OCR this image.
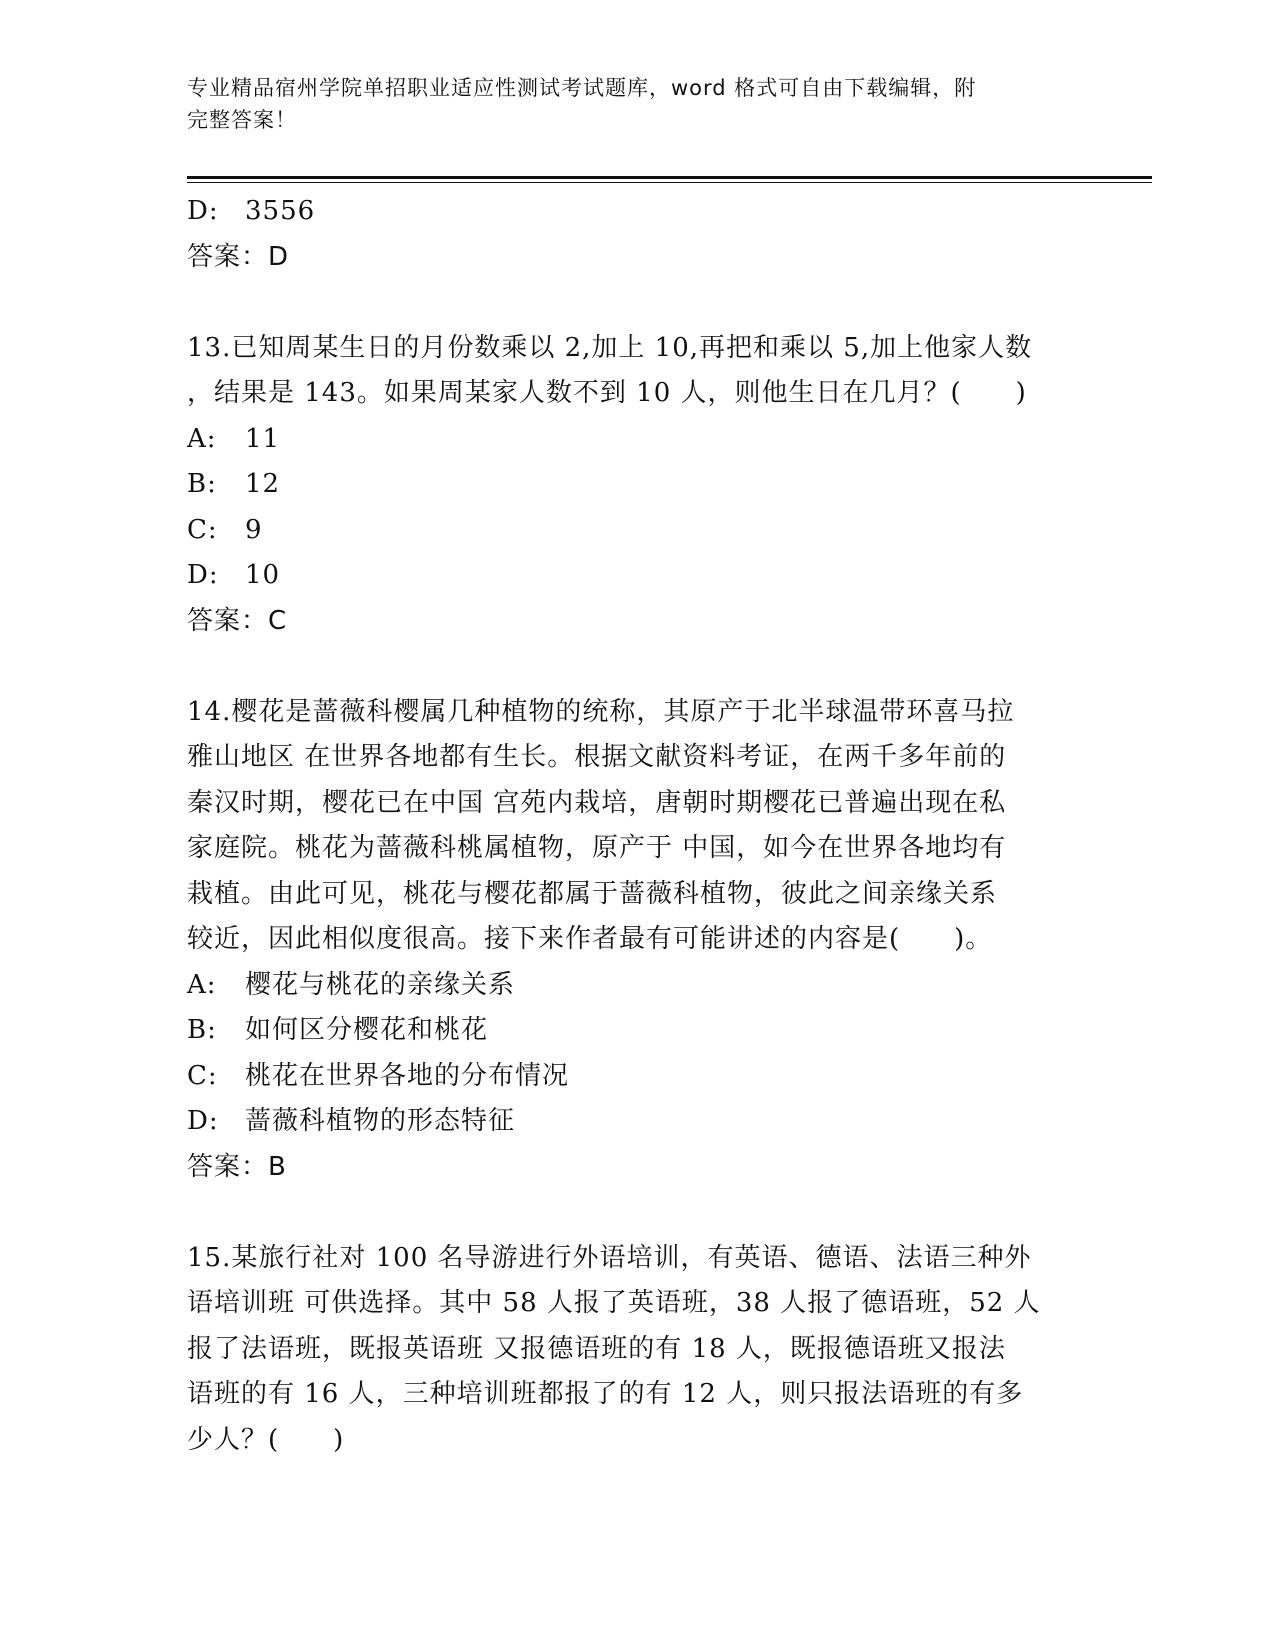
专业精品宿州学院单招职业适应性测试考试题库，word 格式可自由下载编辑，附
完整答案！
D: 3556
答案：D
13.已知周某生日的月份数乘以 2,加上 10,再把和乘以 5,加上他家人数
，结果是 143。如果周某家人数不到 10 人，则他生日在几月？(　　)
A: 11
B: 12
C: 9
D: 10
答案：C
14.樱花是蔷薇科樱属几种植物的统称，其原产于北半球温带环喜马拉
雅山地区 在世界各地都有生长。根据文献资料考证，在两千多年前的
秦汉时期，樱花已在中国 宫苑内栽培，唐朝时期樱花已普遍出现在私
家庭院。桃花为蔷薇科桃属植物，原产于 中国，如今在世界各地均有
栽植。由此可见，桃花与樱花都属于蔷薇科植物，彼此之间亲缘关系
较近，因此相似度很高。接下来作者最有可能讲述的内容是(　　)。
A: 樱花与桃花的亲缘关系
B: 如何区分樱花和桃花
C: 桃花在世界各地的分布情况
D: 蔷薇科植物的形态特征
答案：B
15.某旅行社对 100 名导游进行外语培训，有英语、德语、法语三种外
语培训班 可供选择。其中 58 人报了英语班，38 人报了德语班，52 人
报了法语班，既报英语班 又报德语班的有 18 人，既报德语班又报法
语班的有 16 人，三种培训班都报了的有 12 人，则只报法语班的有多
少人？(　　)
